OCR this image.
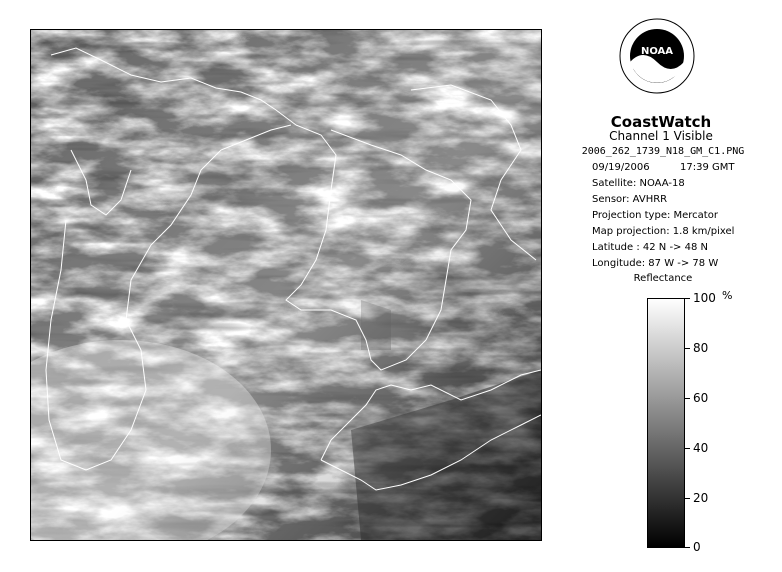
NOAA
CoastWatch
Channel 1 Visible
2006_262_1739_N18_GM_C1.PNG
09/19/2006	17:39 GMT
Satellite: NOAA-18
Sensor: AVHRR
Projection type: Mercator
Map projection: 1.8 km/pixel
Latitude : 42 N -> 48 N
Longitude: 87 W -> 78 W
Reflectance
100 %
80
60
40
20
0
